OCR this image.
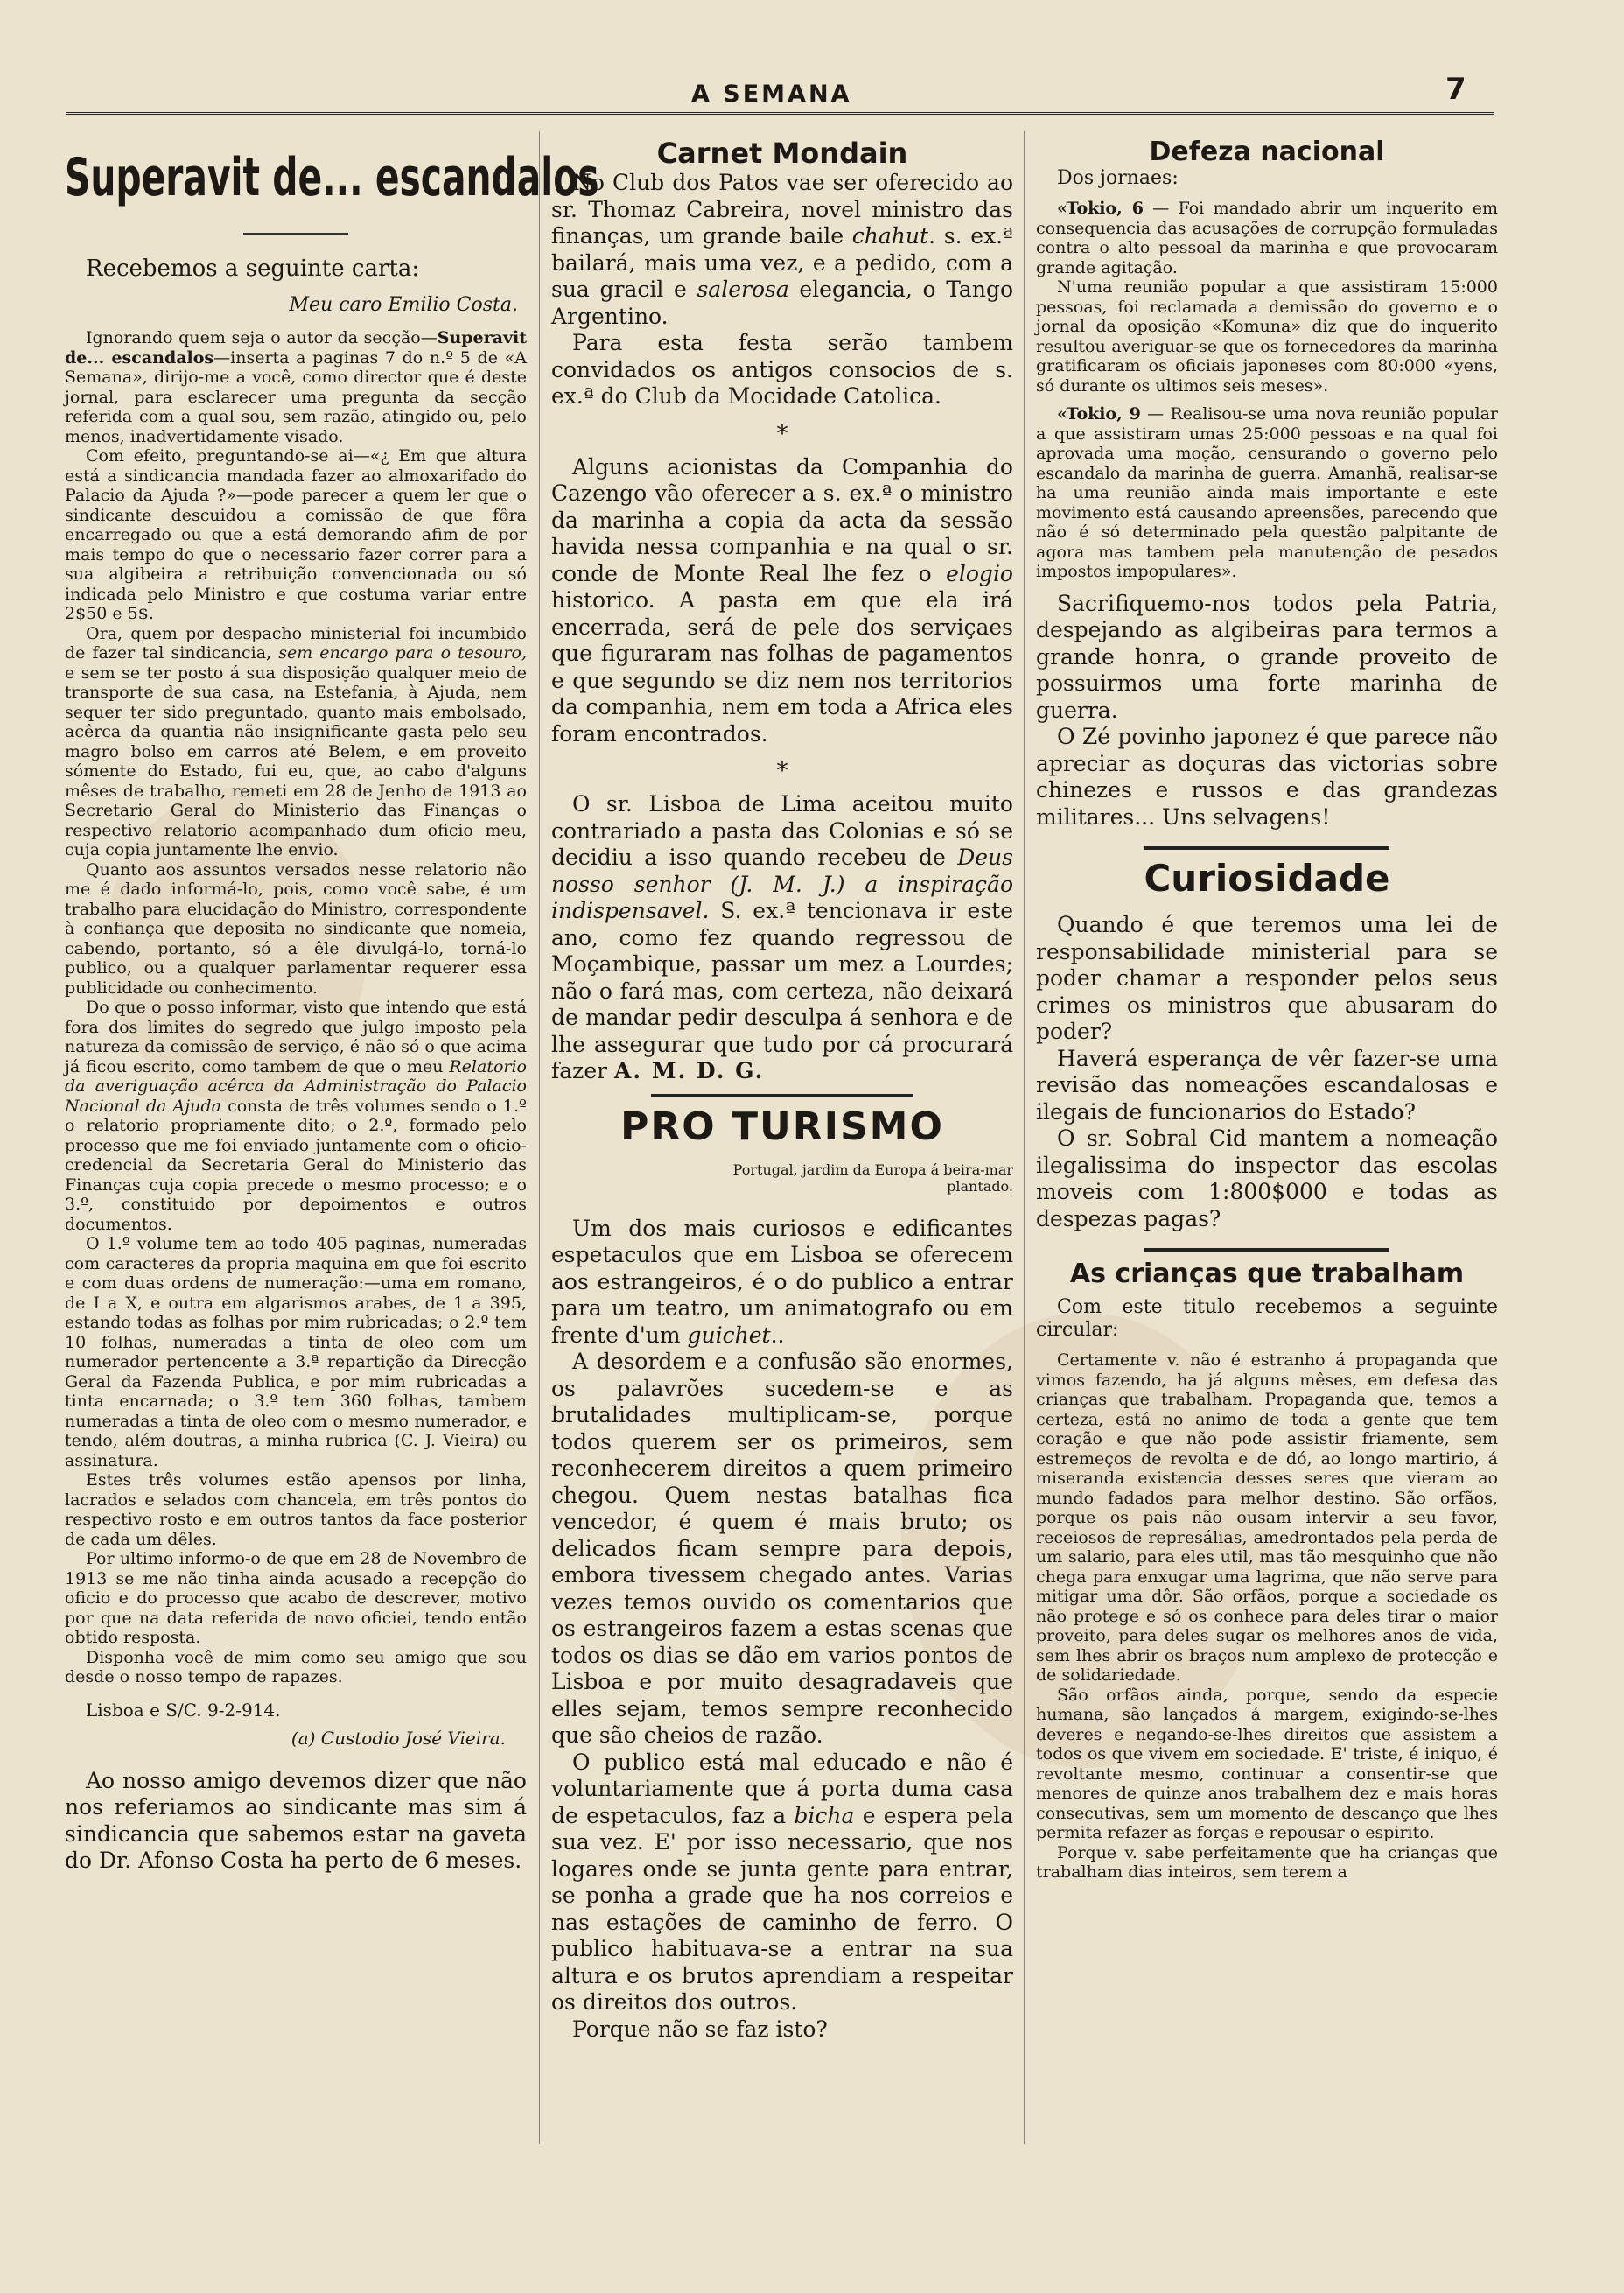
A SEMANA	7
Superavit de... escandalos

Recebemos a seguinte carta:

Meu caro Emilio Costa.

Ignorando quem seja o autor da secção—Superavit de... escandalos—inserta a paginas 7 do n.º 5 de «A Semana», dirijo-me a você, como director que é deste jornal, para esclarecer uma pregunta da secção referida com a qual sou, sem razão, atingido ou, pelo menos, inadvertidamente visado.

Com efeito, preguntando-se ai—«¿ Em que altura está a sindicancia mandada fazer ao almoxarifado do Palacio da Ajuda ?»—pode parecer a quem ler que o sindicante descuidou a comissão de que fôra encarregado ou que a está demorando afim de por mais tempo do que o necessario fazer correr para a sua algibeira a retribuição convencionada ou só indicada pelo Ministro e que costuma variar entre 2$50 e 5$.

Ora, quem por despacho ministerial foi incumbido de fazer tal sindicancia, sem encargo para o tesouro, e sem se ter posto á sua disposição qualquer meio de transporte de sua casa, na Estefania, à Ajuda, nem sequer ter sido preguntado, quanto mais embolsado, acêrca da quantia não insignificante gasta pelo seu magro bolso em carros até Belem, e em proveito sómente do Estado, fui eu, que, ao cabo d'alguns mêses de trabalho, remeti em 28 de Jenho de 1913 ao Secretario Geral do Ministerio das Finanças o respectivo relatorio acompanhado dum oficio meu, cuja copia juntamente lhe envio.

Quanto aos assuntos versados nesse relatorio não me é dado informá-lo, pois, como você sabe, é um trabalho para elucidação do Ministro, correspondente à confiança que deposita no sindicante que nomeia, cabendo, portanto, só a êle divulgá-lo, torná-lo publico, ou a qualquer parlamentar requerer essa publicidade ou conhecimento.

Do que o posso informar, visto que intendo que está fora dos limites do segredo que julgo imposto pela natureza da comissão de serviço, é não só o que acima já ficou escrito, como tambem de que o meu Relatorio da averiguação acêrca da Administração do Palacio Nacional da Ajuda consta de três volumes sendo o 1.º o relatorio propriamente dito; o 2.º, formado pelo processo que me foi enviado juntamente com o oficio-credencial da Secretaria Geral do Ministerio das Finanças cuja copia precede o mesmo processo; e o 3.º, constituido por depoimentos e outros documentos.

O 1.º volume tem ao todo 405 paginas, numeradas com caracteres da propria maquina em que foi escrito e com duas ordens de numeração:—uma em romano, de I a X, e outra em algarismos arabes, de 1 a 395, estando todas as folhas por mim rubricadas; o 2.º tem 10 folhas, numeradas a tinta de oleo com um numerador pertencente a 3.ª repartição da Direcção Geral da Fazenda Publica, e por mim rubricadas a tinta encarnada; o 3.º tem 360 folhas, tambem numeradas a tinta de oleo com o mesmo numerador, e tendo, além doutras, a minha rubrica (C. J. Vieira) ou assinatura.

Estes três volumes estão apensos por linha, lacrados e selados com chancela, em três pontos do respectivo rosto e em outros tantos da face posterior de cada um dêles.

Por ultimo informo-o de que em 28 de Novembro de 1913 se me não tinha ainda acusado a recepção do oficio e do processo que acabo de descrever, motivo por que na data referida de novo oficiei, tendo então obtido resposta.

Disponha você de mim como seu amigo que sou desde o nosso tempo de rapazes.

Lisboa e S/C. 9-2-914.

(a) Custodio José Vieira.

Ao nosso amigo devemos dizer que não nos referiamos ao sindicante mas sim á sindicancia que sabemos estar na gaveta do Dr. Afonso Costa ha perto de 6 meses.

Carnet Mondain

No Club dos Patos vae ser oferecido ao sr. Thomaz Cabreira, novel ministro das finanças, um grande baile chahut. s. ex.ª bailará, mais uma vez, e a pedido, com a sua gracil e salerosa elegancia, o Tango Argentino.

Para esta festa serão tambem convidados os antigos consocios de s. ex.ª do Club da Mocidade Catolica.

*

Alguns acionistas da Companhia do Cazengo vão oferecer a s. ex.ª o ministro da marinha a copia da acta da sessão havida nessa companhia e na qual o sr. conde de Monte Real lhe fez o elogio historico. A pasta em que ela irá encerrada, será de pele dos serviçaes que figuraram nas folhas de pagamentos e que segundo se diz nem nos territorios da companhia, nem em toda a Africa eles foram encontrados.

*

O sr. Lisboa de Lima aceitou muito contrariado a pasta das Colonias e só se decidiu a isso quando recebeu de Deus nosso senhor (J. M. J.) a inspiração indispensavel. S. ex.ª tencionava ir este ano, como fez quando regressou de Moçambique, passar um mez a Lourdes; não o fará mas, com certeza, não deixará de mandar pedir desculpa á senhora e de lhe assegurar que tudo por cá procurará fazer A. M. D. G.

PRO TURISMO

Portugal, jardim da Europa á beira-mar plantado.

Um dos mais curiosos e edificantes espetaculos que em Lisboa se oferecem aos estrangeiros, é o do publico a entrar para um teatro, um animatografo ou em frente d'um guichet..

A desordem e a confusão são enormes, os palavrões sucedem-se e as brutalidades multiplicam-se, porque todos querem ser os primeiros, sem reconhecerem direitos a quem primeiro chegou. Quem nestas batalhas fica vencedor, é quem é mais bruto; os delicados ficam sempre para depois, embora tivessem chegado antes. Varias vezes temos ouvido os comentarios que os estrangeiros fazem a estas scenas que todos os dias se dão em varios pontos de Lisboa e por muito desagradaveis que elles sejam, temos sempre reconhecido que são cheios de razão.

O publico está mal educado e não é voluntariamente que á porta duma casa de espetaculos, faz a bicha e espera pela sua vez. E' por isso necessario, que nos logares onde se junta gente para entrar, se ponha a grade que ha nos correios e nas estações de caminho de ferro. O publico habituava-se a entrar na sua altura e os brutos aprendiam a respeitar os direitos dos outros.

Porque não se faz isto?

Defeza nacional

Dos jornaes:

«Tokio, 6 — Foi mandado abrir um inquerito em consequencia das acusações de corrupção formuladas contra o alto pessoal da marinha e que provocaram grande agitação.

N'uma reunião popular a que assistiram 15:000 pessoas, foi reclamada a demissão do governo e o jornal da oposição «Komuna» diz que do inquerito resultou averiguar-se que os fornecedores da marinha gratificaram os oficiais japoneses com 80:000 «yens, só durante os ultimos seis meses».

«Tokio, 9 — Realisou-se uma nova reunião popular a que assistiram umas 25:000 pessoas e na qual foi aprovada uma moção, censurando o governo pelo escandalo da marinha de guerra. Amanhã, realisar-se ha uma reunião ainda mais importante e este movimento está causando apreensões, parecendo que não é só determinado pela questão palpitante de agora mas tambem pela manutenção de pesados impostos impopulares».

Sacrifiquemo-nos todos pela Patria, despejando as algibeiras para termos a grande honra, o grande proveito de possuirmos uma forte marinha de guerra.

O Zé povinho japonez é que parece não apreciar as doçuras das victorias sobre chinezes e russos e das grandezas militares... Uns selvagens!

Curiosidade

Quando é que teremos uma lei de responsabilidade ministerial para se poder chamar a responder pelos seus crimes os ministros que abusaram do poder?

Haverá esperança de vêr fazer-se uma revisão das nomeações escandalosas e ilegais de funcionarios do Estado?

O sr. Sobral Cid mantem a nomeação ilegalissima do inspector das escolas moveis com 1:800$000 e todas as despezas pagas?

As crianças que trabalham

Com este titulo recebemos a seguinte circular:

Certamente v. não é estranho á propaganda que vimos fazendo, ha já alguns mêses, em defesa das crianças que trabalham. Propaganda que, temos a certeza, está no animo de toda a gente que tem coração e que não pode assistir friamente, sem estremeços de revolta e de dó, ao longo martirio, á miseranda existencia desses seres que vieram ao mundo fadados para melhor destino. São orfãos, porque os pais não ousam intervir a seu favor, receiosos de represálias, amedrontados pela perda de um salario, para eles util, mas tão mesquinho que não chega para enxugar uma lagrima, que não serve para mitigar uma dôr. São orfãos, porque a sociedade os não protege e só os conhece para deles tirar o maior proveito, para deles sugar os melhores anos de vida, sem lhes abrir os braços num amplexo de protecção e de solidariedade.

São orfãos ainda, porque, sendo da especie humana, são lançados á margem, exigindo-se-lhes deveres e negando-se-lhes direitos que assistem a todos os que vivem em sociedade. E' triste, é iniquo, é revoltante mesmo, continuar a consentir-se que menores de quinze anos trabalhem dez e mais horas consecutivas, sem um momento de descanço que lhes permita refazer as forças e repousar o espirito.

Porque v. sabe perfeitamente que ha crianças que trabalham dias inteiros, sem terem a
